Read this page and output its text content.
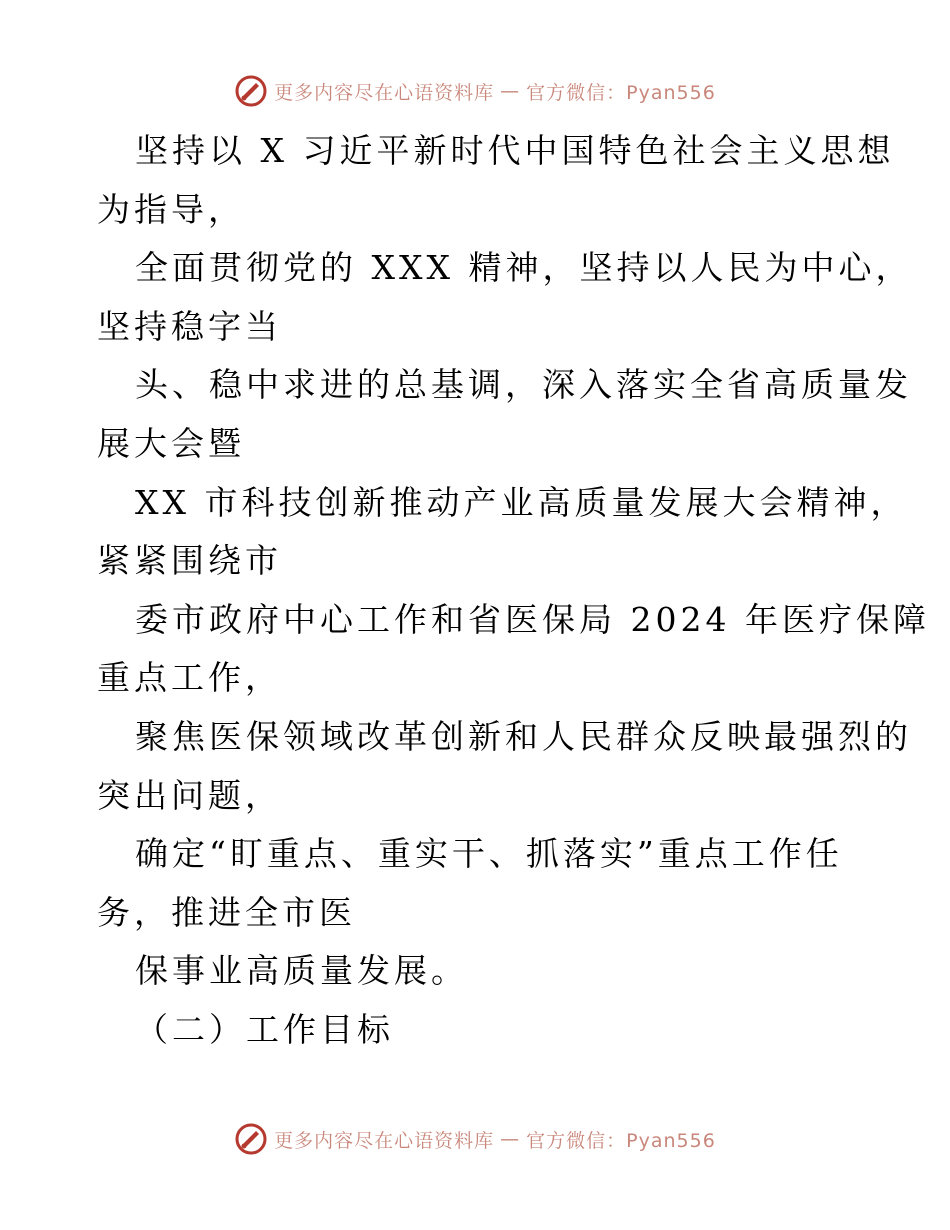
更多内容尽在心语资料库 — 官方微信：Pyan556
坚持以 X 习近平新时代中国特色社会主义思想
为指导，
全面贯彻党的 XXX 精神，坚持以人民为中心，
坚持稳字当
头、稳中求进的总基调，深入落实全省高质量发
展大会暨
XX 市科技创新推动产业高质量发展大会精神，
紧紧围绕市
委市政府中心工作和省医保局 2024 年医疗保障
重点工作，
聚焦医保领域改革创新和人民群众反映最强烈的
突出问题，
确定“盯重点、重实干、抓落实”重点工作任
务，推进全市医
保事业高质量发展。
（二）工作目标
更多内容尽在心语资料库 — 官方微信：Pyan556
